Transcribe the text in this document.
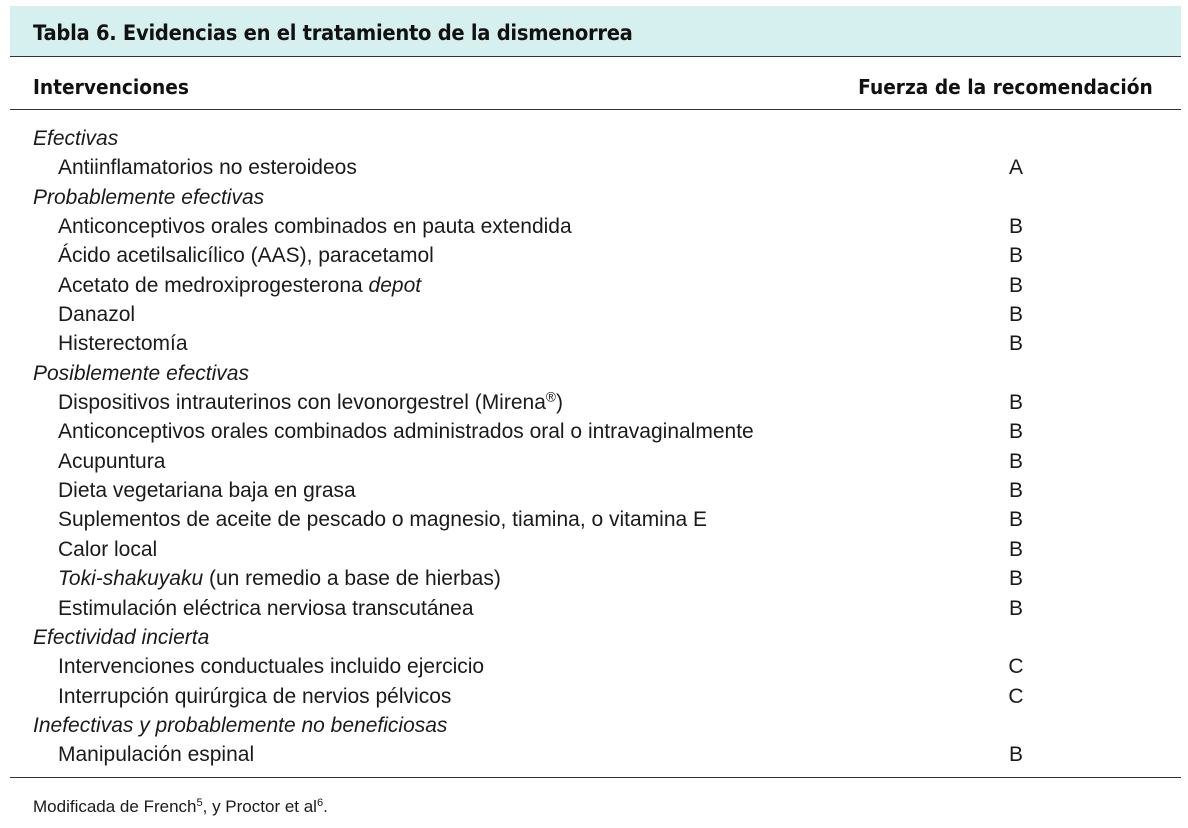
Tabla 6. Evidencias en el tratamiento de la dismenorrea
Intervenciones	Fuerza de la recomendación
Efectivas
Antiinflamatorios no esteroideos	A
Probablemente efectivas
Anticonceptivos orales combinados en pauta extendida	B
Ácido acetilsalicílico (AAS), paracetamol	B
Acetato de medroxiprogesterona depot	B
Danazol	B
Histerectomía	B
Posiblemente efectivas
Dispositivos intrauterinos con levonorgestrel (Mirena®)	B
Anticonceptivos orales combinados administrados oral o intravaginalmente	B
Acupuntura	B
Dieta vegetariana baja en grasa	B
Suplementos de aceite de pescado o magnesio, tiamina, o vitamina E	B
Calor local	B
Toki-shakuyaku (un remedio a base de hierbas)	B
Estimulación eléctrica nerviosa transcutánea	B
Efectividad incierta
Intervenciones conductuales incluido ejercicio	C
Interrupción quirúrgica de nervios pélvicos	C
Inefectivas y probablemente no beneficiosas
Manipulación espinal	B
Modificada de French$^5$, y Proctor et $al^6$.
